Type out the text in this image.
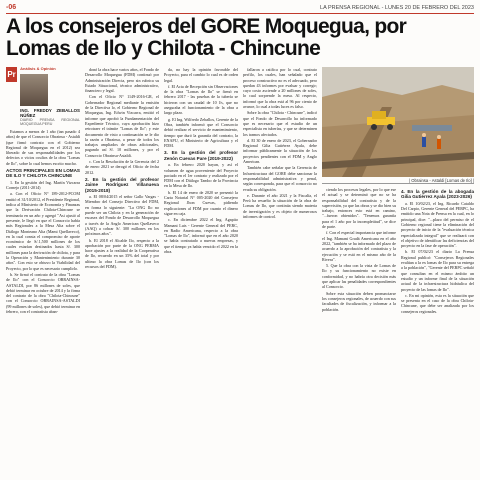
-06	LA PRENSA REGIONAL - LUNES 20 DE FEBRERO DEL 2023
A los consejeros del GORE Moquegua, por Lomas de Ilo y Chilota - Chincune
Pr
Análisis & Opinión
ING. FREDDY ZEBALLOS NÚÑEZ
DIARIO PRENSA REGIONAL MOQUEGUA PERU

Estamos a menos de 1 año (tan pasado 4 años) de que el Consorcio Obrainsa - Astaldi (que firmó contrato con el Gobierno Regional de Moquegua en el 2012) sea liberado de sus responsabilidades por los defectos o vicios ocultos de la obra "Lomas de Ilo", sobre lo cual hemos escrito mucho.

ACTOS PRINCIPALES EN LOMAS DE ILO Y CHILOTA CHINCUNE

1. En la gestión del Ing. Martín Vizcarra Cornejo (2011-2014)

a. Con el Oficio N° 189-2012-PCOM emitió el 31/10/2012, el Presidente Regional, indica al Ministerio de Economía y Finanzas que la Derivación Chilota-Chincune se terminaría en un año y agregó "Asi ajustó al presente, le llegó en que el Consorcio había más Regionales a la Mesa Alta sobre el Diálogo Monteano Alta (Mami Quellaveco), en la cual consta el compromiso de aporte económico de S/.1,500 millones de los cuales estarían destinados hasta S/. 300 millones para la derivación de chilota, y para la Operación y Mantenimiento durante 30 años". Con esto se obtuvo la Viabilidad del Proyecto, por lo que es necesario cumplirlo.

b. Se firmó el contrato de la obra "Lomas de Ilo" con el Consorcio OBRAINSA-ASTALDI, por 86 millones de soles, que debió terminar en octubre de 2014 y la firma del contrato de la obra "Chilota-Chincune" con el Consorcio OBRAINSA-ASTALDI (99 millones de soles), que debió terminar en febrero, con el contratista aban-

donó la obra hace varios años, el Fondo de Desarrollo Moquegua (FDM) continuó por Administración Directa, pero sin rubrica su Estado Situacional, técnico administrativo, financiero y legal.

Con el Oficio N° 1149-2016-GR, el Gobernador Regional mediante la emisión de la Directiva lo, el Gobierno Regional de Moquegua, Ing. Edwin Vizcarra, emitió el informe que aprobó la Fundamentación del Expediente Técnico, cuya aprobación hizo retrotraer el trámite "Lomas de Ilo"; y este documento de visto a continuación se le dio la razón a Obrainsa, a pesar de todos los trabajos ampliados de obras adicionales, pagando así S/. 10 millones, y por el Consorcio Obrainsa-Astaldi.

c. Con la Resolución de la Gerencia del 2 de enero 2021 se derogó el Oficio de fecha 2012.

2. En la gestión del profesor Jaime Rodríguez Villanueva (2015-2018)

a. El 08/04/2015 el señor Gallo Vargas - Miembro del Consejo Directivo del FDM, en forma lo siguiente: "La ONG Ilo no puede ser un Chilota y en la generación de escasez del Fondo de Desarrollo Moquegua a través de la Anglo American Quellaveco (AAQ) a cobrar S/. 300 millones en los próximos años".

b. El 2018 el Alcalde Ilo, respecto a la aprobación por parte de la ONG PERMA hace ajustes a la realidad de la Cooperativa de Ilo, recuerdo en un 35% del total y por ultimo la obra Lomas de Ilo (con los recursos del FDM).

da, no hay la opinión favorable del Proyecto, para el cambio lo cual es de orden legal.

f. El Acta de Recepción sin Observaciones de la obra "Lomas de Ilo" se firmó en febrero 2017 - las pruebas de la tubería se hicieron con un caudal de 10 l/s, que no aseguraba el funcionamiento de la obra a largo plazo.

g. El Ing. Wilfredo Zeballos, Gerente de la Obra, también informó que el Consorcio debió realizar el servicio de mantenimiento, tiempo que duró la garantía del contrato, la ENAPU, el Ministerio de Agricultura y el FDM.

3. En la gestión del profesor Zenón Cuevas Pare (2019-2022)

a. En febrero 2020 hayan, y así el volumen de agua proveniente del Proyecto pactado en el 1er contrato y realizado por el FDM con el Diálogo Tambo de la Provincia en la Mesa de Ilo.

b. El 14 de enero de 2020 se presentó la Carta Notarial N° 005-2020 del Consejero Regional Jhon Cuevas, pidiendo explicaciones al FDM por cuanto el dinero sigue en caja.

c. En diciembre 2022 el Ing. Agapito Mamani Luis - Gerente General del PERC, en Radio Americana, respecto a la obra "Lomas de Ilo", informó que en el año 2020 se había contratado a nuevas empresas, y que el tiempo ya había vencido el 2022 en la obra.

fallaron a ratifica por lo cual, contrato perfilo, los cuales, han señalado que el proceso constructivo no es el adecuado, pero quedan 43 informes por evaluar y corregir; cuyo costo asciende a 20 millones de soles, lo cual sorprende la mesa. Al respecto, informó que la obra está al 96 por ciento de avance, lo cual a todas luces es falso.

Sobre la obra "Chilota - Chincune", indicó que el Fondo de Desarrollo ha informado que es necesario que el estudio de un especialista en tuberías, y que se determinen los tramos afectados.

d. El 30 de enero de 2023, el Gobernador Regional Gilia Gutiérrez Ayala, debe informar públicamente la situación de los proyectos pendientes con el FDM y Anglo American.

También cabe señalar que la Gerencia de Infraestructura del GORE debe sancionar la responsabilidad administrativa y penal, según corresponda, para que el consorcio no evada su obligación.

e. Durante el año 2021 y la Fiscalía, el Perú ha resuelto la situación de la obra de Lomas de Ilo, que continúa siendo materia de investigación y es objeto de numerosos informes de control.

| Obrainsa - Astaldi [Lomas de Ilo] |

ciendo los procesos legales, por lo que ese el actual y se determinó que no se ha responsabilidad del contratista y de la supervisión, ya que las obras y se dio bien su trabajo, entonces esto está en camino, "...fueron obtenidos". "Tenemos garantía para el 1 año por la incompletitud", se dice de parte.

f. Con el especial importancia que informe el Ing. Mamani Gradá Americana en el año 2022, "también se ha informado del plazo de acuerdo a la aprobación del contratista y la ejecución y se está en el mismo año de la Rivera".

5. Que la obra con la vista de Lomas de Ilo y su funcionamiento no existe en conformidad, y no habría otra decisión más que aplicar las penalidades correspondientes al Consorcio.

Sobre esta situación deben pronunciarse los consejeros regionales, de acuerdo con sus facultades de fiscalización, y informar a la población.

4. En la gestión de la abogada Gilia Gutiérrez Ayala (2023-2026)

a. El 10/02/23, el Ing. Ricardo Cataldo Del Carpio, Gerente General del PERPC, ha emitido una Nota de Prensa en la cual, en lo principal, dice: "...plazo del permiso de el Gobierno regional tiene la eliminación del proyecto de inicio de la "evaluación técnica especializada integral" que se realizará con el objetivo de identificar las deficiencias del proyecto en la fase de operación".

b. El 07/02/23 el diario La Prensa Regional publicó: "Consejeros Regionales evalúan a la ex lomas de Ilo para su entrega a la población", "Gerente del PERPC señaló que consultan en el mismo ámbito un estudio y un informe final de la situación actual de la infraestructura hidráulica del proyecto de las lomas de Ilo".

c. En mi opinión, esta es la situación que se presenta en el caso de la obra Chilota-Chincune, que debe ser analizada por los consejeros regionales.
